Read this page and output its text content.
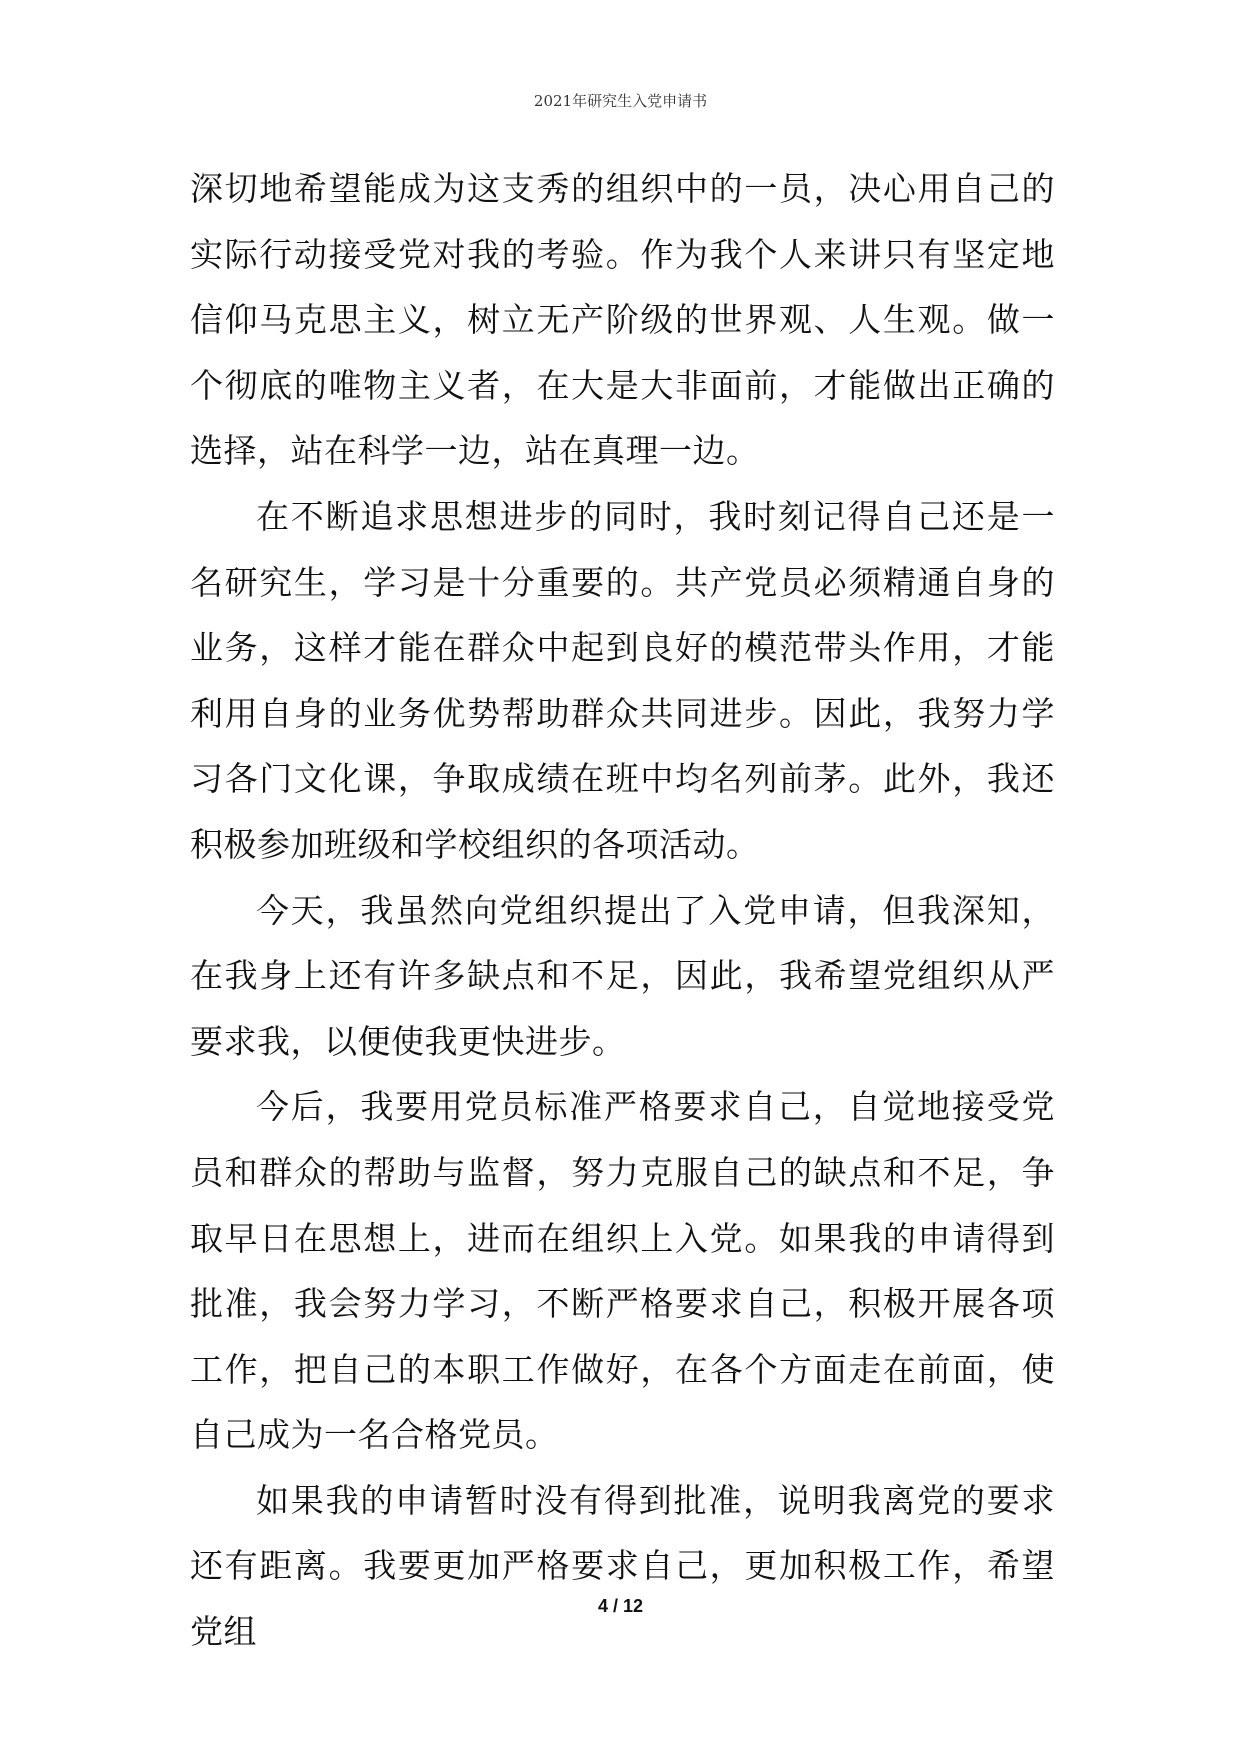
2021年研究生入党申请书

深切地希望能成为这支秀的组织中的一员，决心用自己的实际行动接受党对我的考验。作为我个人来讲只有坚定地信仰马克思主义，树立无产阶级的世界观、人生观。做一个彻底的唯物主义者，在大是大非面前，才能做出正确的选择，站在科学一边，站在真理一边。

在不断追求思想进步的同时，我时刻记得自己还是一名研究生，学习是十分重要的。共产党员必须精通自身的业务，这样才能在群众中起到良好的模范带头作用，才能利用自身的业务优势帮助群众共同进步。因此，我努力学习各门文化课，争取成绩在班中均名列前茅。此外，我还积极参加班级和学校组织的各项活动。

今天，我虽然向党组织提出了入党申请，但我深知，在我身上还有许多缺点和不足，因此，我希望党组织从严要求我，以便使我更快进步。

今后，我要用党员标准严格要求自己，自觉地接受党员和群众的帮助与监督，努力克服自己的缺点和不足，争取早日在思想上，进而在组织上入党。如果我的申请得到批准，我会努力学习，不断严格要求自己，积极开展各项工作，把自己的本职工作做好，在各个方面走在前面，使自己成为一名合格党员。

如果我的申请暂时没有得到批准，说明我离党的要求还有距离。我要更加严格要求自己，更加积极工作，希望党组

4 / 12
